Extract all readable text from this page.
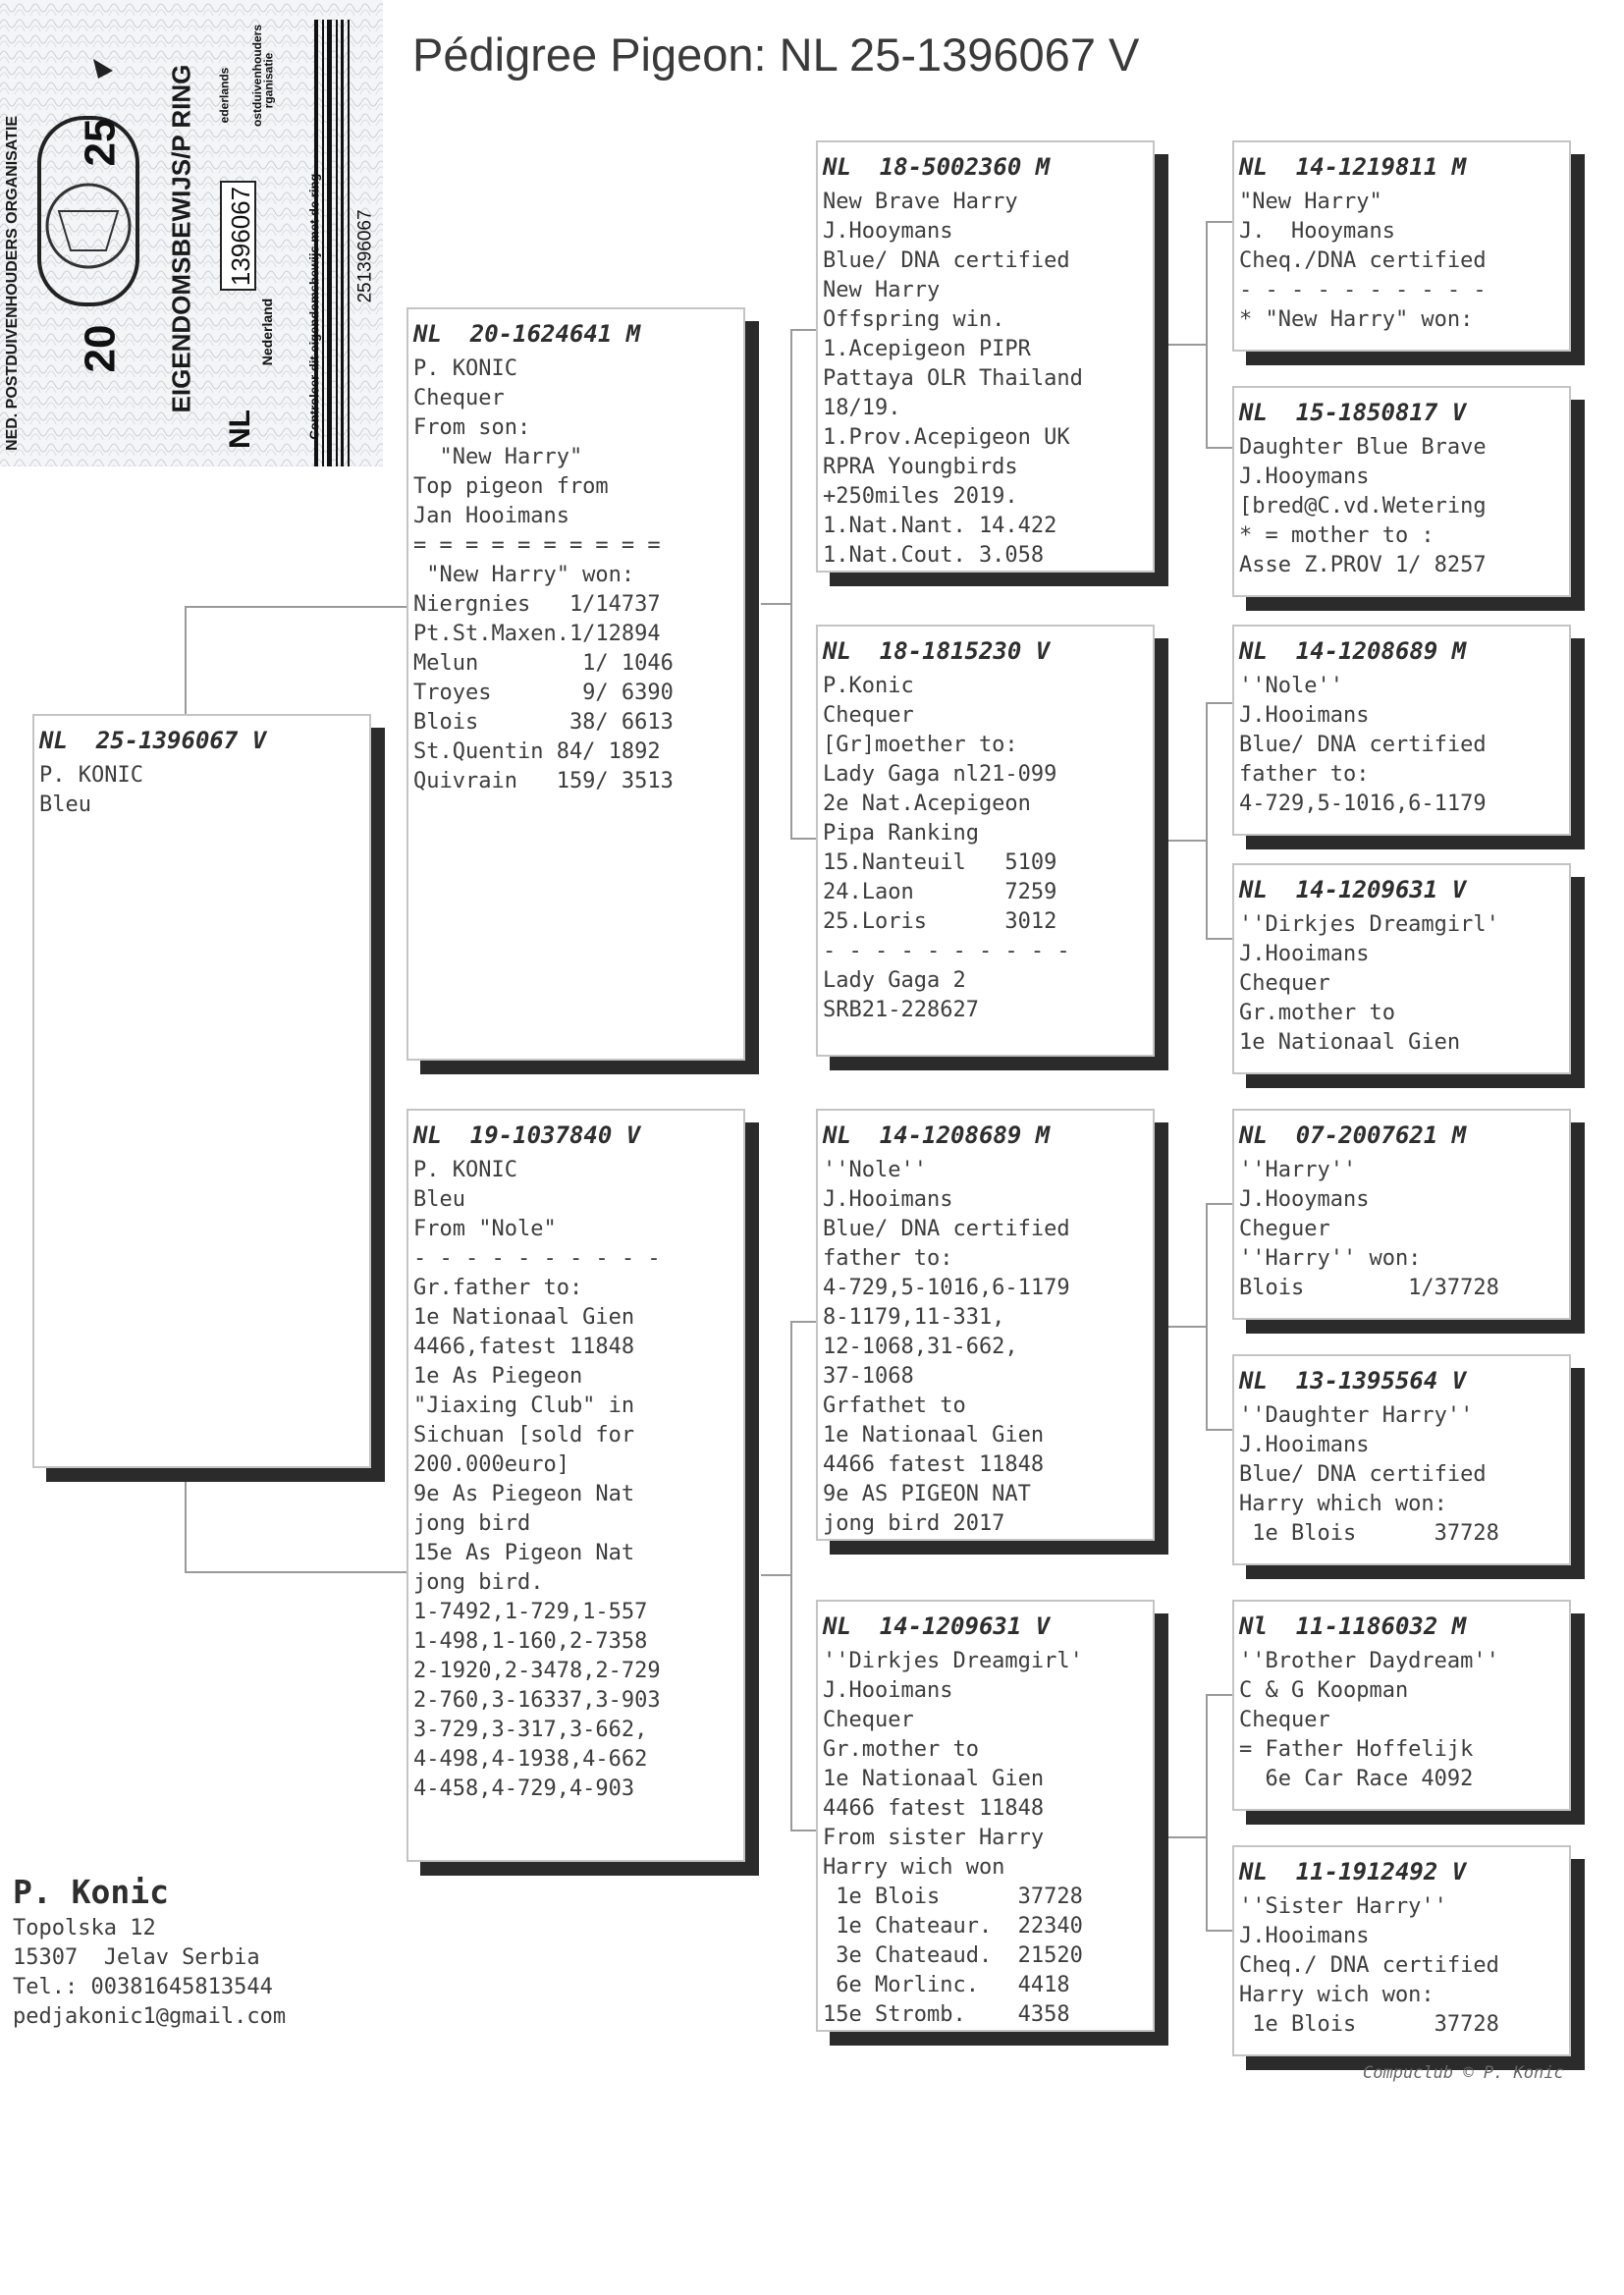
Pédigree Pigeon: NL 25-1396067 V
NED. POSTDUIVENHOUDERS ORGANISATIE	EIGENDOMSBEWIJS/P RING
20
25
NL
Nederland
1396067	Controleer dit eigendomsbewijs met de ring 251396067
ederlands ostduivenhouders
rganisatie
NL  25-1396067 V
P. KONIC
Bleu
NL  20-1624641 M
P. KONIC
Chequer
From son:
"New Harry"
Top pigeon from
Jan Hooimans
= = = = = = = = = =
"New Harry" won:
Niergnies   1/14737
Pt.St.Maxen.1/12894
Melun        1/ 1046
Troyes       9/ 6390
Blois       38/ 6613
St.Quentin 84/ 1892
Quivrain   159/ 3513
NL  19-1037840 V
P. KONIC
Bleu
From "Nole"
- - - - - - - - - -
Gr.father to:
1e Nationaal Gien
4466,fatest 11848
1e As Piegeon
"Jiaxing Club" in
Sichuan [sold for
200.000euro]
9e As Piegeon Nat
jong bird
15e As Pigeon Nat
jong bird.
1-7492,1-729,1-557
1-498,1-160,2-7358
2-1920,2-3478,2-729
2-760,3-16337,3-903
3-729,3-317,3-662,
4-498,4-1938,4-662
4-458,4-729,4-903
NL  18-5002360 M
New Brave Harry
J.Hooymans
Blue/ DNA certified
New Harry
Offspring win.
1.Acepigeon PIPR
Pattaya OLR Thailand
18/19.
1.Prov.Acepigeon UK
RPRA Youngbirds
+250miles 2019.
1.Nat.Nant. 14.422
1.Nat.Cout. 3.058
NL  18-1815230 V
P.Konic
Chequer
[Gr]moether to:
Lady Gaga nl21-099
2e Nat.Acepigeon
Pipa Ranking
15.Nanteuil   5109
24.Laon       7259
25.Loris      3012
- - - - - - - - - -
Lady Gaga 2
SRB21-228627
NL  14-1208689 M
''Nole''
J.Hooimans
Blue/ DNA certified
father to:
4-729,5-1016,6-1179
8-1179,11-331,
12-1068,31-662,
37-1068
Grfathet to
1e Nationaal Gien
4466 fatest 11848
9e AS PIGEON NAT
jong bird 2017
NL  14-1209631 V
''Dirkjes Dreamgirl'
J.Hooimans
Chequer
Gr.mother to
1e Nationaal Gien
4466 fatest 11848
From sister Harry
Harry wich won
1e Blois      37728
1e Chateaur.  22340
3e Chateaud.  21520
6e Morlinc.   4418
15e Stromb.    4358
NL  14-1219811 M
"New Harry"
J.  Hooymans
Cheq./DNA certified
- - - - - - - - - -
* "New Harry" won:
NL  15-1850817 V
Daughter Blue Brave
J.Hooymans
[bred@C.vd.Wetering
* = mother to :
Asse Z.PROV 1/ 8257
NL  14-1208689 M
''Nole''
J.Hooimans
Blue/ DNA certified
father to:
4-729,5-1016,6-1179
NL  14-1209631 V
''Dirkjes Dreamgirl'
J.Hooimans
Chequer
Gr.mother to
1e Nationaal Gien
NL  07-2007621 M
''Harry''
J.Hooymans
Cheguer
''Harry'' won:
Blois        1/37728
NL  13-1395564 V
''Daughter Harry''
J.Hooimans
Blue/ DNA certified
Harry which won:
1e Blois      37728
Nl  11-1186032 M
''Brother Daydream''
C & G Koopman
Chequer
= Father Hoffelijk
6e Car Race 4092
NL  11-1912492 V
''Sister Harry''
J.Hooimans
Cheq./ DNA certified
Harry wich won:
1e Blois      37728
P. Konic
Topolska 12
15307  Jelav Serbia
Tel.: 00381645813544
pedjakonic1@gmail.com
Compuclub © P. Konic
